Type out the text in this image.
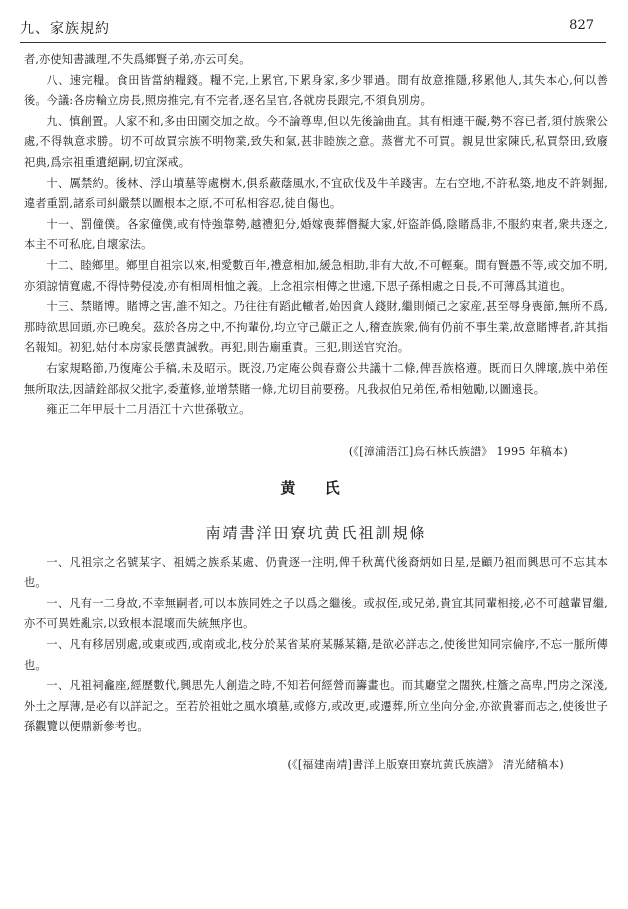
九、家族規約	827

者,亦使知書識理,不失爲鄉賢子弟,亦云可矣。

八、速完糧。食田皆當納糧錢。糧不完,上累官,下累身家,多少罪過。間有故意推隱,移累他人,其失本心,何以善後。今議:各房輪立房長,照房推完,有不完者,逐名呈官,各就房長跟完,不須負別房。

九、慎創置。人家不和,多由田園交加之故。今不論尊卑,但以先後論曲直。其有相連干礙,勢不容已者,須付族衆公處,不得執意求勝。切不可故買宗族不明物業,致失和氣,甚非睦族之意。蒸嘗尤不可買。親見世家陳氏,私買祭田,致廢祀典,爲宗祖重遺絕嗣,切宜深戒。

十、厲禁約。後林、浮山墳墓等處樹木,俱系蔽蔭風水,不宜砍伐及牛羊踐害。左右空地,不許私築,地皮不許剝掘,違者重罰,諸系司糾嚴禁以圖根本之原,不可私相容忍,徒自傷也。

十一、罰僮僕。各家僮僕,或有恃強靠勢,越禮犯分,婚嫁喪葬僭擬大家,奸盜詐僞,陰賭爲非,不服約束者,衆共逐之,本主不可私庇,自壞家法。

十二、睦鄉里。鄉里自祖宗以來,相愛數百年,禮意相加,緩急相助,非有大故,不可輕棄。間有賢愚不等,或交加不明,亦須諒情寬處,不得恃勢侵凌,亦有相周相恤之義。上念祖宗相傳之世遠,下思子孫相處之日長,不可薄爲其道也。

十三、禁賭博。賭博之害,誰不知之。乃往往有蹈此轍者,始因貪人錢財,繼則傾己之家産,甚至辱身喪節,無所不爲,那時欲思回頭,亦已晚矣。茲於各房之中,不拘輩份,均立守己嚴正之人,稽查族衆,倘有仍前不事生業,故意賭博者,許其指名報知。初犯,姑付本房家長懲責誡敎。再犯,則告廟重責。三犯,則送官究治。

右家規略節,乃復庵公手稿,未及昭示。既沒,乃定庵公與春齋公共議十二條,俾吾族格遵。既而日久牌壞,族中弟侄無所取法,因請銓部叔父批字,委董修,並增禁賭一條,尤切目前要務。凡我叔伯兄弟侄,希相勉勵,以圖遠長。

雍正二年甲辰十二月浯江十六世孫敬立。

(《[漳浦浯江]烏石林氏族譜》 1995 年稿本)
黄 氏
南靖書洋田寮坑黄氏祖訓規條

一、凡祖宗之名號某字、祖嫣之族系某處、仍貴逐一注明,俾千秋萬代後裔炳如日星,是顧乃祖而興思可不忘其本也。

一、凡有一二身故,不幸無嗣者,可以本族同姓之子以爲之繼後。或叔侄,或兄弟,貴宜其同輩相接,必不可越輩冒繼,亦不可異姓亂宗,以致根本混壞而失統無序也。

一、凡有移居別處,或東或西,或南或北,枝分於某省某府某縣某籍,是欲必詳志之,使後世知同宗倫序,不忘一脈所傳也。

一、凡祖祠龕座,經歷數代,興思先人創造之時,不知若何經營而籌畫也。而其廳堂之闊狹,柱簷之高卑,門房之深淺,外土之厚薄,是必有以詳記之。至若於祖妣之風水墳墓,或修方,或改更,或遷葬,所立坐向分金,亦欲貴審而志之,使後世子孫觀覽以便鼎新參考也。

(《[福建南靖]書洋上版寮田寮坑黄氏族譜》 清光緒稿本)
